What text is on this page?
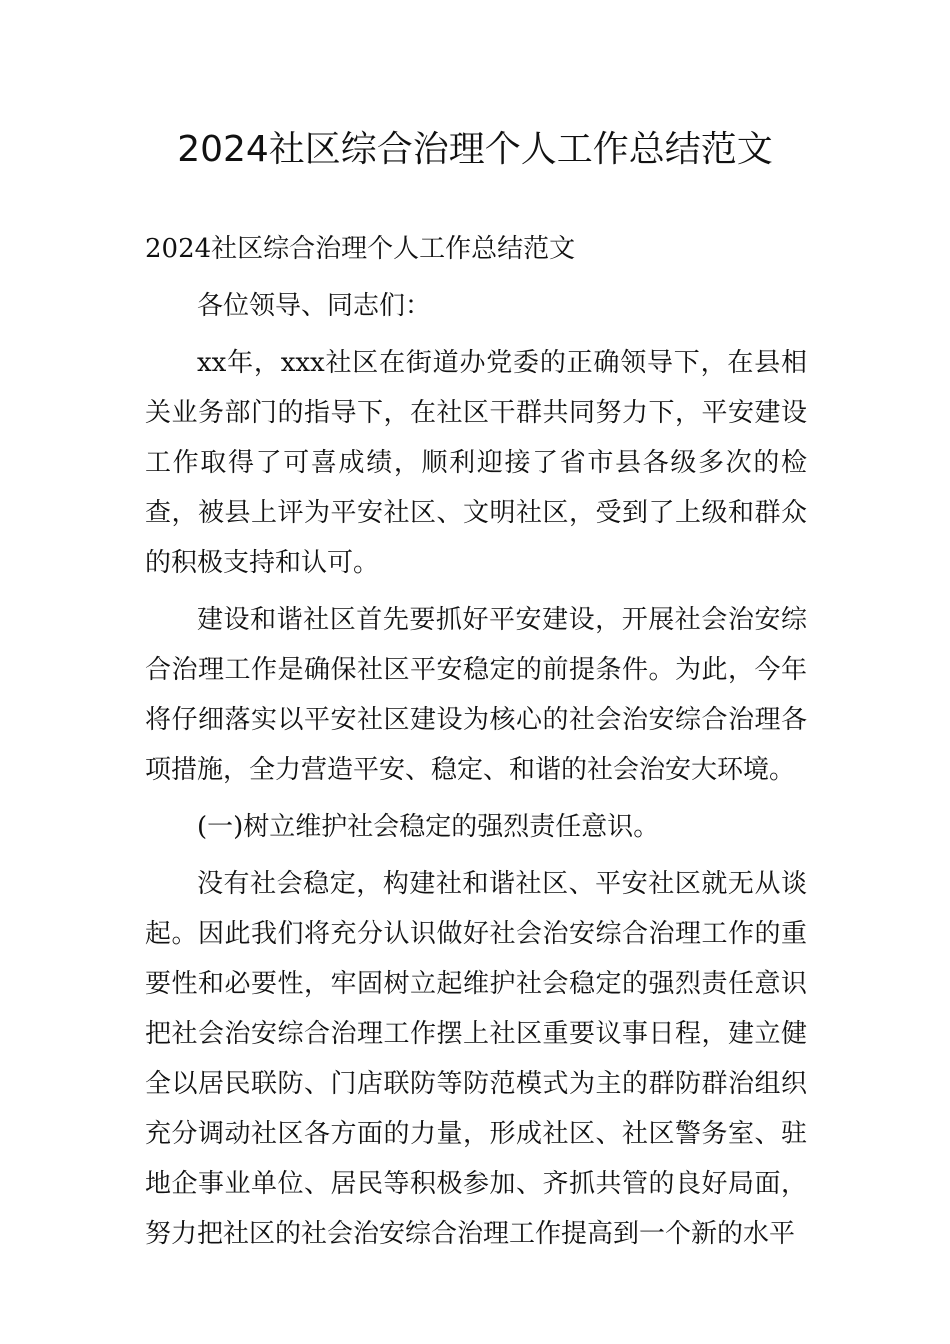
2024社区综合治理个人工作总结范文

2024社区综合治理个人工作总结范文

各位领导、同志们：

xx年，xxx社区在街道办党委的正确领导下，在县相关业务部门的指导下，在社区干群共同努力下，平安建设工作取得了可喜成绩，顺利迎接了省市县各级多次的检查，被县上评为平安社区、文明社区，受到了上级和群众的积极支持和认可。

建设和谐社区首先要抓好平安建设，开展社会治安综合治理工作是确保社区平安稳定的前提条件。为此，今年将仔细落实以平安社区建设为核心的社会治安综合治理各项措施，全力营造平安、稳定、和谐的社会治安大环境。

(一)树立维护社会稳定的强烈责任意识。

没有社会稳定，构建社和谐社区、平安社区就无从谈起。因此我们将充分认识做好社会治安综合治理工作的重要性和必要性，牢固树立起维护社会稳定的强烈责任意识把社会治安综合治理工作摆上社区重要议事日程，建立健全以居民联防、门店联防等防范模式为主的群防群治组织充分调动社区各方面的力量，形成社区、社区警务室、驻地企事业单位、居民等积极参加、齐抓共管的良好局面，努力把社区的社会治安综合治理工作提高到一个新的水平
